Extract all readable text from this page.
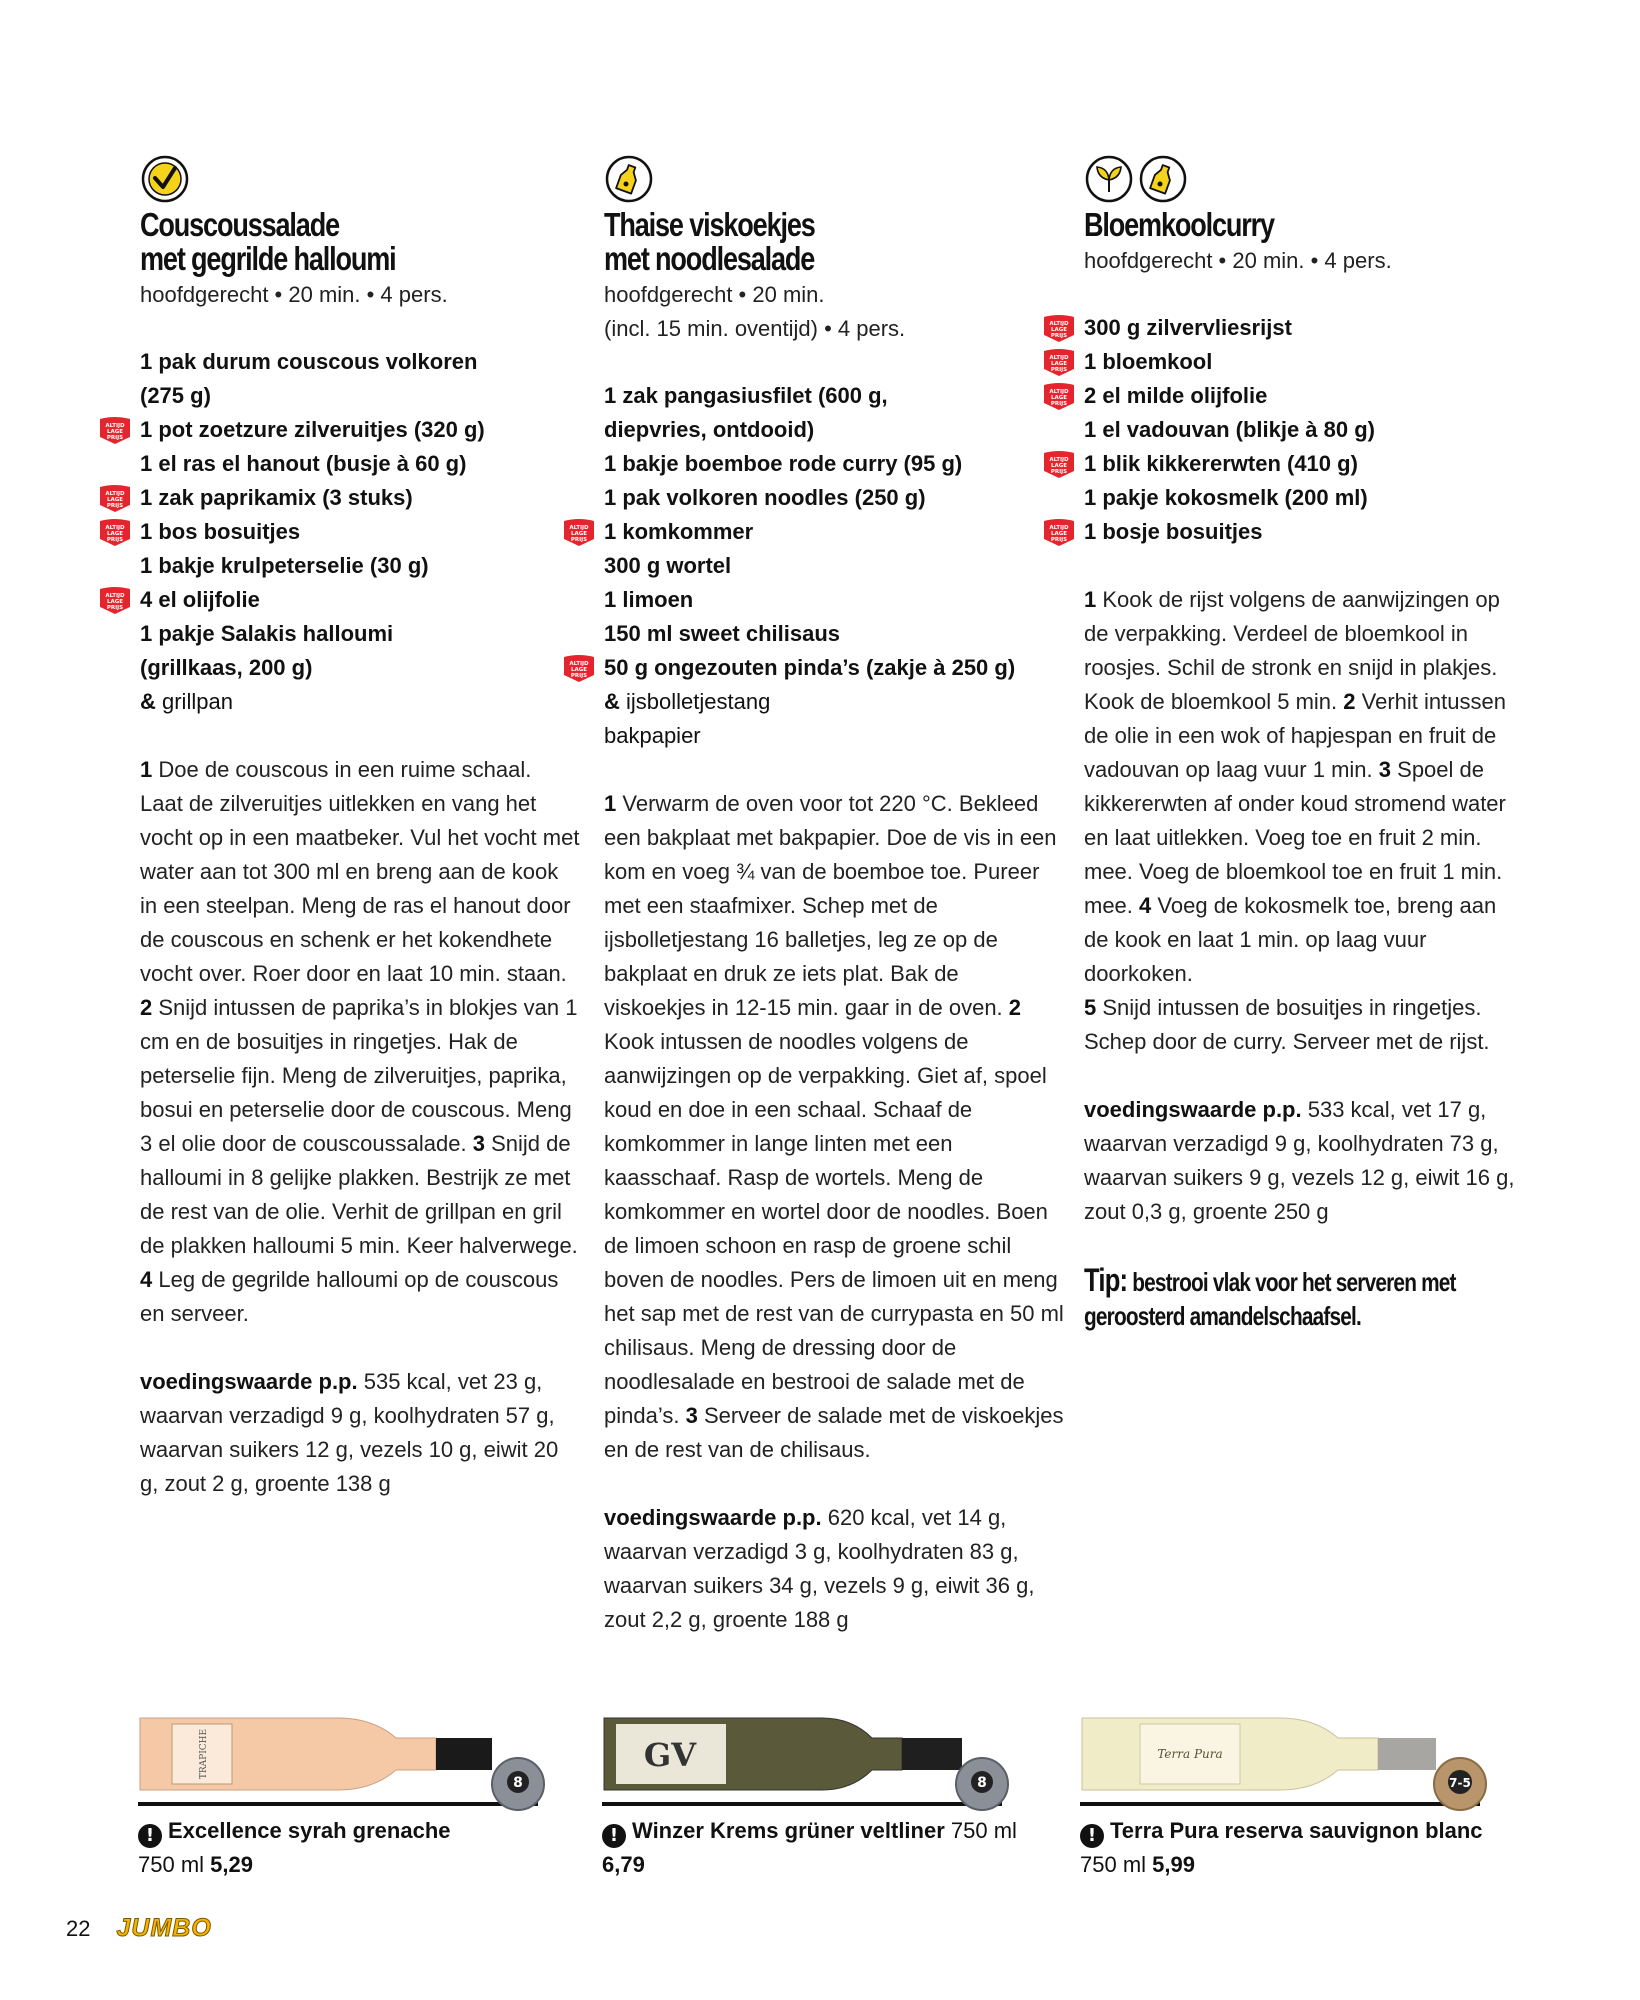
Couscoussalade
met gegrilde halloumi
hoofdgerecht • 20 min. • 4 pers.
1 pak durum couscous volkoren
(275 g)
ALTIJD
LAGE
PRIJS 1 pot zoetzure zilveruitjes (320 g)
1 el ras el hanout (busje à 60 g)
ALTIJD
LAGE
PRIJS 1 zak paprikamix (3 stuks)
ALTIJD
LAGE
PRIJS 1 bos bosuitjes
1 bakje krulpeterselie (30 g)
ALTIJD
LAGE
PRIJS 4 el olijfolie
1 pakje Salakis halloumi
(grillkaas, 200 g)
& grillpan
1 Doe de couscous in een ruime schaal. Laat de zilveruitjes uitlekken en vang het vocht op in een maatbeker. Vul het vocht met water aan tot 300 ml en breng aan de kook in een steelpan. Meng de ras el hanout door de couscous en schenk er het kokendhete vocht over. Roer door en laat 10 min. staan. 2 Snijd intussen de paprika’s in blokjes van 1 cm en de bosuitjes in ringetjes. Hak de peterselie fijn. Meng de zilveruitjes, paprika, bosui en peterselie door de couscous. Meng 3 el olie door de couscoussalade. 3 Snijd de halloumi in 8 gelijke plakken. Bestrijk ze met de rest van de olie. Verhit de grillpan en gril de plakken halloumi 5 min. Keer halverwege. 4 Leg de gegrilde halloumi op de couscous en serveer.
voedingswaarde p.p. 535 kcal, vet 23 g, waarvan verzadigd 9 g, koolhydraten 57 g, waarvan suikers 12 g, vezels 10 g, eiwit 20 g, zout 2 g, groente 138 g
Thaise viskoekjes
met noodlesalade
hoofdgerecht • 20 min.
(incl. 15 min. oventijd) • 4 pers.
1 zak pangasiusfilet (600 g,
diepvries, ontdooid)
1 bakje boemboe rode curry (95 g)
1 pak volkoren noodles (250 g)
ALTIJD
LAGE
PRIJS 1 komkommer
300 g wortel
1 limoen
150 ml sweet chilisaus
ALTIJD
LAGE
PRIJS 50 g ongezouten pinda’s (zakje à 250 g)
& ijsbolletjestang
bakpapier
1 Verwarm de oven voor tot 220 °C. Bekleed een bakplaat met bakpapier. Doe de vis in een kom en voeg ¾ van de boemboe toe. Pureer met een staafmixer. Schep met de ijsbolletjestang 16 balletjes, leg ze op de bakplaat en druk ze iets plat. Bak de viskoekjes in 12-15 min. gaar in de oven. 2 Kook intussen de noodles volgens de aanwijzingen op de verpakking. Giet af, spoel koud en doe in een schaal. Schaaf de komkommer in lange linten met een kaasschaaf. Rasp de wortels. Meng de komkommer en wortel door de noodles. Boen de limoen schoon en rasp de groene schil boven de noodles. Pers de limoen uit en meng het sap met de rest van de currypasta en 50 ml chilisaus. Meng de dressing door de noodlesalade en bestrooi de salade met de pinda’s. 3 Serveer de salade met de viskoekjes en de rest van de chilisaus.
voedingswaarde p.p. 620 kcal, vet 14 g, waarvan verzadigd 3 g, koolhydraten 83 g, waarvan suikers 34 g, vezels 9 g, eiwit 36 g, zout 2,2 g, groente 188 g
Bloemkoolcurry
hoofdgerecht • 20 min. • 4 pers.
ALTIJD
LAGE
PRIJS 300 g zilvervliesrijst
ALTIJD
LAGE
PRIJS 1 bloemkool
ALTIJD
LAGE
PRIJS 2 el milde olijfolie
1 el vadouvan (blikje à 80 g)
ALTIJD
LAGE
PRIJS 1 blik kikkererwten (410 g)
1 pakje kokosmelk (200 ml)
ALTIJD
LAGE
PRIJS 1 bosje bosuitjes
1 Kook de rijst volgens de aanwijzingen op de verpakking. Verdeel de bloemkool in roosjes. Schil de stronk en snijd in plakjes. Kook de bloemkool 5 min. 2 Verhit intussen de olie in een wok of hapjespan en fruit de vadouvan op laag vuur 1 min. 3 Spoel de kikkererwten af onder koud stromend water en laat uitlekken. Voeg toe en fruit 2 min. mee. Voeg de bloemkool toe en fruit 1 min. mee. 4 Voeg de kokosmelk toe, breng aan de kook en laat 1 min. op laag vuur doorkoken.
5 Snijd intussen de bosuitjes in ringetjes. Schep door de curry. Serveer met de rijst.
voedingswaarde p.p. 533 kcal, vet 17 g, waarvan verzadigd 9 g, koolhydraten 73 g, waarvan suikers 9 g, vezels 12 g, eiwit 16 g, zout 0,3 g, groente 250 g
Tip: bestrooi vlak voor het serveren met geroosterd amandelschaafsel.
TRAPICHE
8
! Excellence syrah grenache
750 ml 5,29
GV
8
! Winzer Krems grüner veltliner 750 ml 6,79
Terra Pura
7-5
! Terra Pura reserva sauvignon blanc 750 ml 5,99
22 JUMBO
